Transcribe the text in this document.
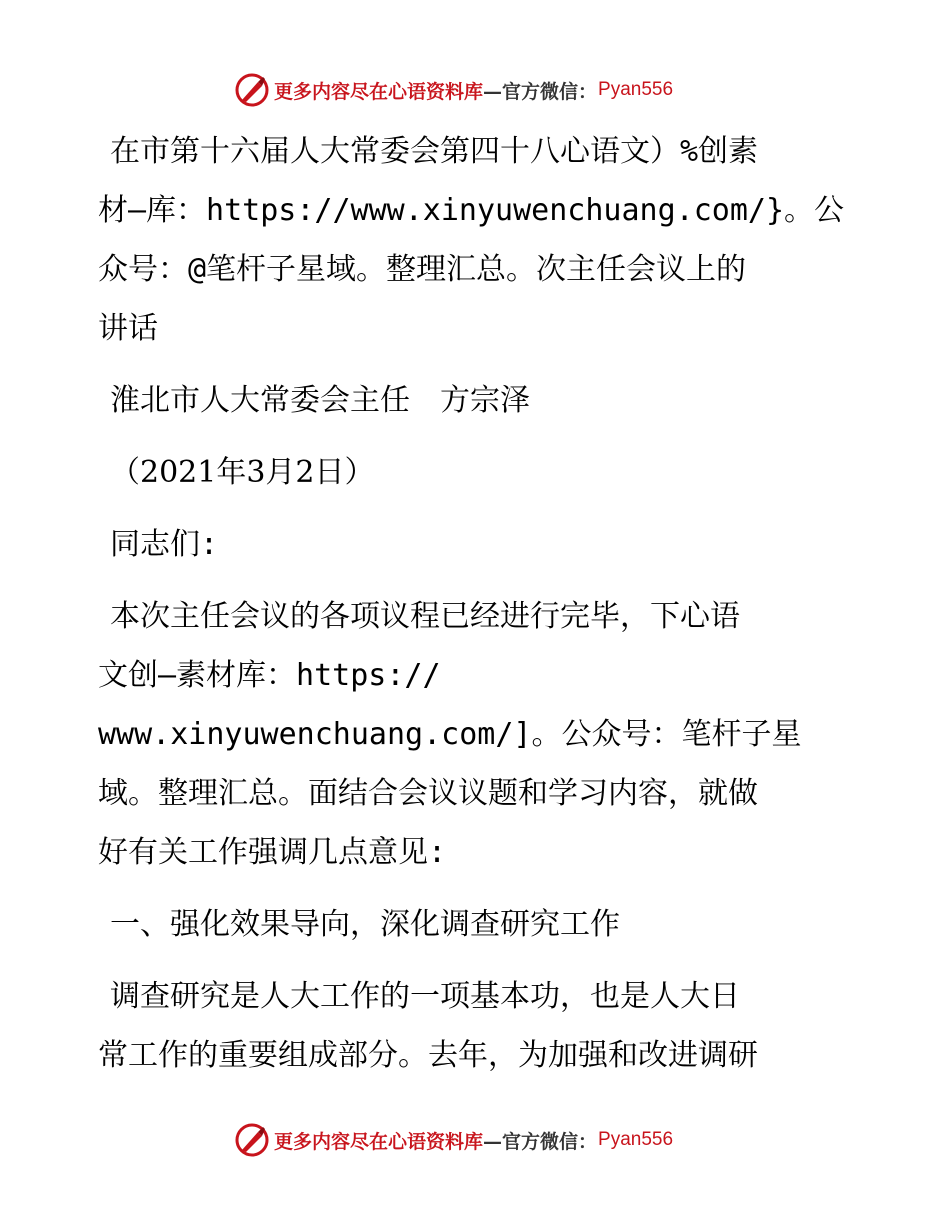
更多内容尽在心语资料库 —官方微信： Pyan556
在市第十六届人大常委会第四十八心语文）%创素
材—库：https://www.xinyuwenchuang.com/}。公
众号：@笔杆子星域。整理汇总。次主任会议上的
讲话
淮北市人大常委会主任　方宗泽
（2021年3月2日）
同志们:
本次主任会议的各项议程已经进行完毕，下心语
文创—素材库：https://
www.xinyuwenchuang.com/]。公众号：笔杆子星
域。整理汇总。面结合会议议题和学习内容，就做
好有关工作强调几点意见:
一、强化效果导向，深化调查研究工作
调查研究是人大工作的一项基本功，也是人大日
常工作的重要组成部分。去年，为加强和改进调研
更多内容尽在心语资料库 —官方微信： Pyan556
